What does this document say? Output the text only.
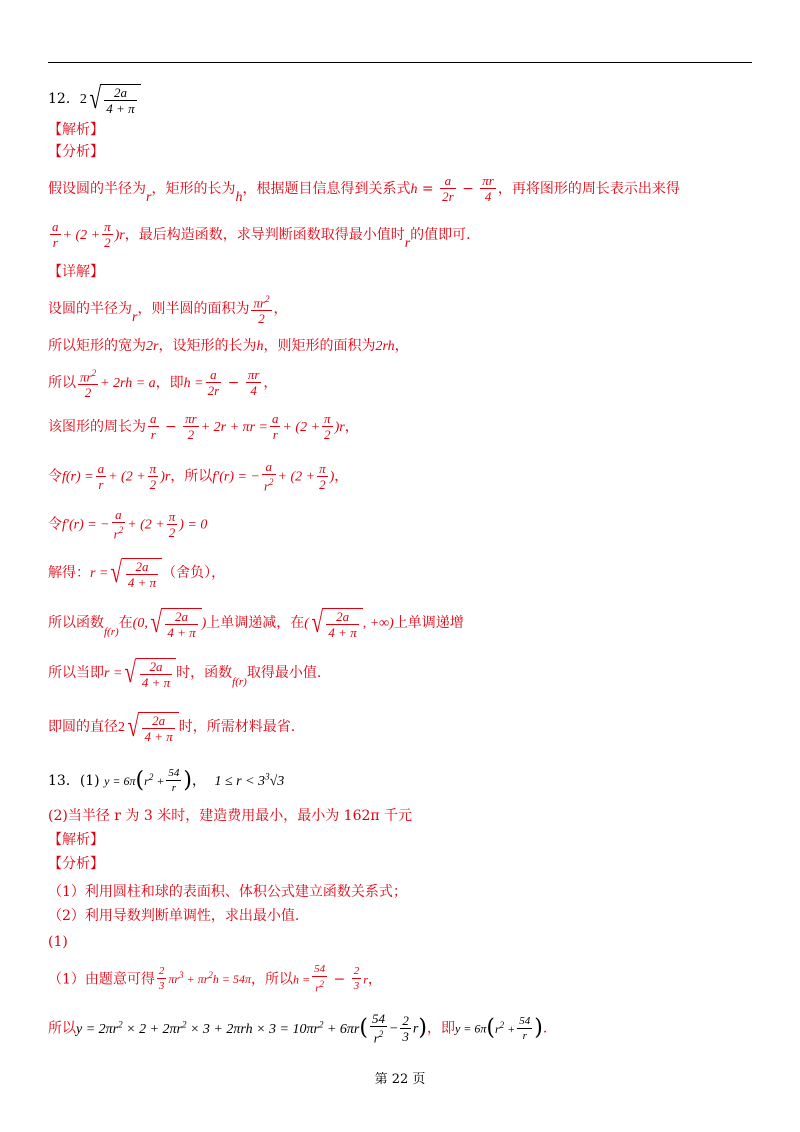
12．2 √ $\frac{2a}{4 + \pi}$
【解析】
【分析】
假设圆的半径为r，矩形的长为h，根据题目信息得到关系式$h = \frac{a}{2r} - \frac{\pi r}{4}$ ，再将图形的周长表示出来得
$\frac{a}{r} + (2 + \frac{\pi}{2} )r$，最后构造函数，求导判断函数取得最小值时r的值即可.
【详解】
设圆的半径为r，则半圆的面积为 $\frac{\pi r^2}{2}$ ，
所以矩形的宽为2r，设矩形的长为h，则矩形的面积为2rh，
所以 $\frac{\pi r^2}{2} + 2rh = a$，即$h = \frac{a}{2r} - \frac{\pi r}{4}$ ，
该图形的周长为 $\frac{a}{r} - \frac{\pi r}{2} + 2r + \pi r = \frac{a}{r} + (2 + \frac{\pi}{2} )r$，
令$f(r) = \frac{a}{r} + (2 + \frac{\pi}{2} )r$，所以f′(r) = − $\frac{a}{r^2} + (2 + \frac{\pi}{2}$ )，
令f′(r) = − $\frac{a}{r^2} + (2 + \frac{\pi}{2}$ ) = 0
解得：r = √ $\frac{2a}{4 + \pi}$ （舍负），
所以函数$_{f(r)}$在(0, √ $\frac{2a}{4 + \pi}$ )上单调递减，在( √ $\frac{2a}{4 + \pi}$ , +∞)上单调递增
所以当即r = √ $\frac{2a}{4 + \pi}$ 时，函数$_{f(r)}$取得最小值.
即圆的直径2 √ $\frac{2a}{4 + \pi}$ 时，所需材料最省.
13．(1) $y = 6\pi(r^2 + \frac{54}{r}$ )， $1 \le r < 3^3√3$
(2)当半径 r 为 3 米时，建造费用最小，最小为 162π 千元
【解析】
【分析】
（1）利用圆柱和球的表面积、体积公式建立函数关系式；
（2）利用导数判断单调性，求出最小值.
(1)
（1）由题意可得 $\frac{2}{3} \pi r^3 + \pi r^2h = 54\pi$，所以$h = \frac{54}{r^2} - \frac{2}{3}$ r，
所以$y = 2\pi r^2 \times 2 + 2\pi r^2 \times 3 + 2\pi rh \times 3 = 10\pi r^2 + 6\pi r( \frac{54}{r^2} - \frac{2}{3} r)$，即$y = 6\pi(r^2 + \frac{54}{r}$ ).
第 22 页
